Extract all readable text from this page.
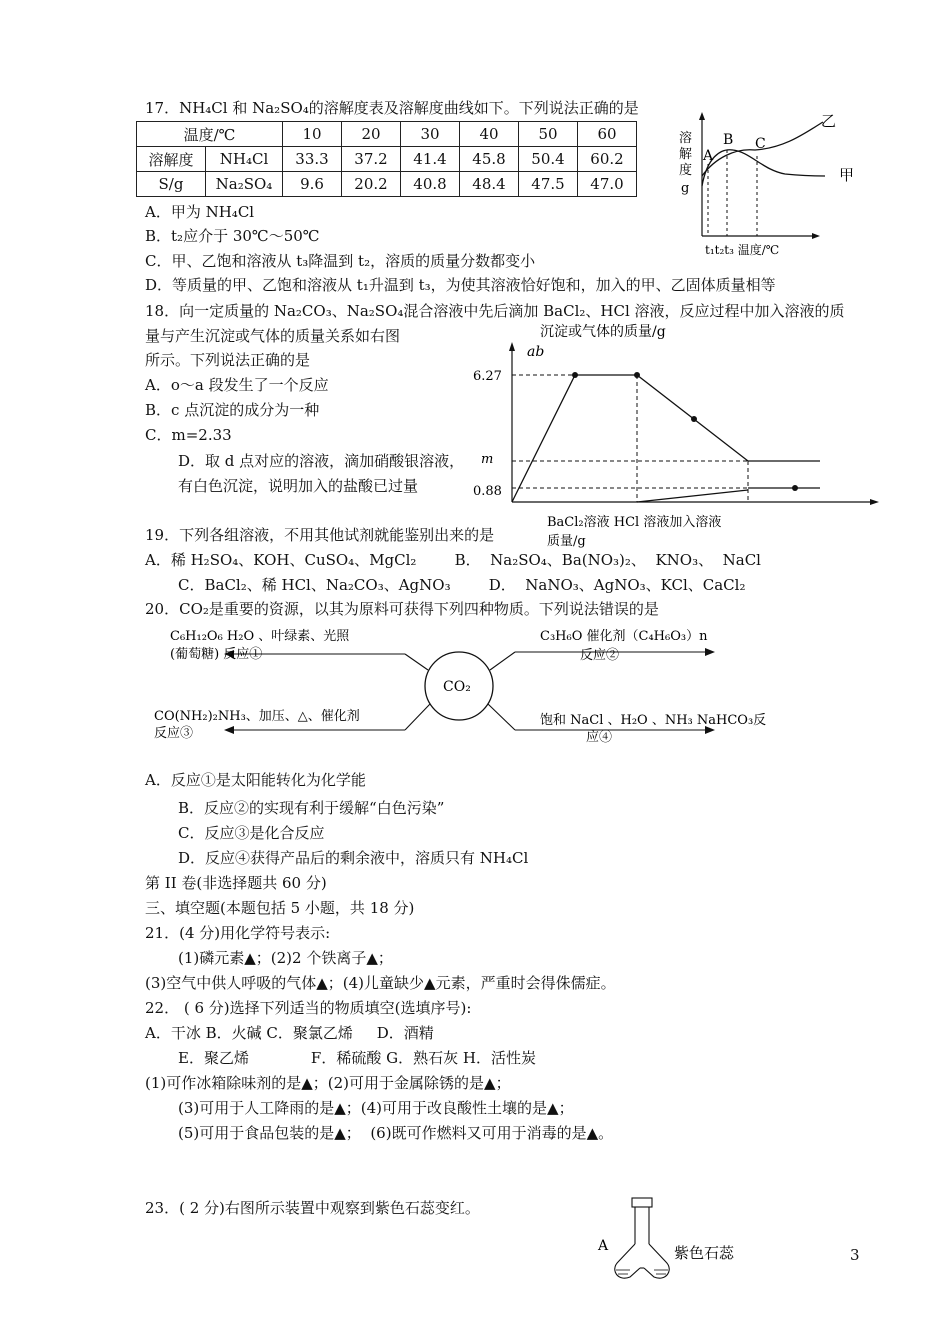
17．NH₄Cl 和 Na₂SO₄的溶解度表及溶解度曲线如下。下列说法正确的是
温度/℃		10	20	30	40	50	60
溶解度	NH₄Cl	33.3	37.2	41.4	45.8	50.4	60.2
S/g	Na₂SO₄	9.6	20.2	40.8	48.4	47.5	47.0
溶
解
度
g
A
B C
乙
甲
t₁t₂t₃ 温度/℃
A．甲为 NH₄Cl
B．t₂应介于 30℃～50℃
C．甲、乙饱和溶液从 t₃降温到 t₂，溶质的质量分数都变小
D．等质量的甲、乙饱和溶液从 t₁升温到 t₃，为使其溶液恰好饱和，加入的甲、乙固体质量相等
18．向一定质量的 Na₂CO₃、Na₂SO₄混合溶液中先后滴加 BaCl₂、HCl 溶液，反应过程中加入溶液的质
量与产生沉淀或气体的质量关系如右图
所示。下列说法正确的是
A．o～a 段发生了一个反应
B．c 点沉淀的成分为一种
C．m=2.33
D．取 d 点对应的溶液，滴加硝酸银溶液，
有白色沉淀，说明加入的盐酸已过量
沉淀或气体的质量/g
ab
6.27
0.88
m
BaCl₂溶液 HCl 溶液加入溶液
质量/g
19．下列各组溶液，不用其他试剂就能鉴别出来的是
A．稀 H₂SO₄、KOH、CuSO₄、MgCl₂        B．  Na₂SO₄、Ba(NO₃)₂、  KNO₃、  NaCl
C．BaCl₂、稀 HCl、Na₂CO₃、AgNO₃        D．  NaNO₃、AgNO₃、KCl、CaCl₂
20．CO₂是重要的资源，以其为原料可获得下列四种物质。下列说法错误的是
CO₂
C₆H₁₂O₆ H₂O 、叶绿素、光照
(葡萄糖) 反应①
C₃H₆O 催化剂（C₄H₆O₃）n
反应②
CO(NH₂)₂NH₃、加压、△、催化剂
反应③
饱和 NaCl 、H₂O 、NH₃ NaHCO₃反
应④
A．反应①是太阳能转化为化学能
B．反应②的实现有利于缓解“白色污染”
C．反应③是化合反应
D．反应④获得产品后的剩余液中，溶质只有 NH₄Cl
第 II 卷(非选择题共 60 分)
三、填空题(本题包括 5 小题，共 18 分)
21．(4 分)用化学符号表示:
(1)磷元素▲；(2)2 个铁离子▲；
(3)空气中供人呼吸的气体▲；(4)儿童缺少▲元素，严重时会得侏儒症。
22． ( 6 分)选择下列适当的物质填空(选填序号):
A．干冰 B．火碱 C．聚氯乙烯     D．酒精
E．聚乙烯             F．稀硫酸 G．熟石灰 H．活性炭
(1)可作冰箱除味剂的是▲；(2)可用于金属除锈的是▲；
(3)可用于人工降雨的是▲；(4)可用于改良酸性土壤的是▲；
(5)可用于食品包装的是▲；  (6)既可作燃料又可用于消毒的是▲。
23．( 2 分)右图所示装置中观察到紫色石蕊变红。
A	紫色石蕊	3
